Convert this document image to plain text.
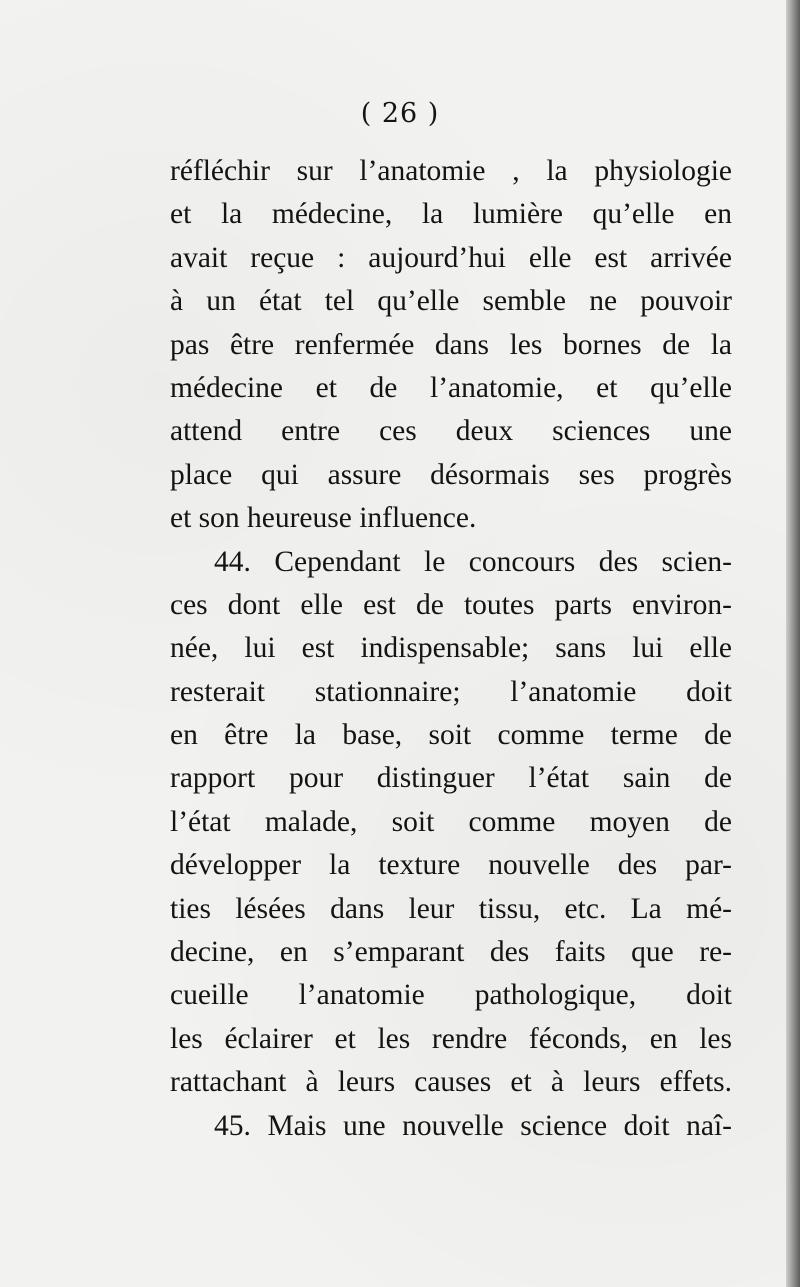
( 26 )
réfléchir sur l’anatomie , la physiologie
et la médecine, la lumière qu’elle en
avait reçue : aujourd’hui elle est arrivée
à un état tel qu’elle semble ne pouvoir
pas être renfermée dans les bornes de la
médecine et de l’anatomie, et qu’elle
attend entre ces deux sciences une
place qui assure désormais ses progrès
et son heureuse influence.
44. Cependant le concours des scien-
ces dont elle est de toutes parts environ-
née, lui est indispensable; sans lui elle
resterait stationnaire; l’anatomie doit
en être la base, soit comme terme de
rapport pour distinguer l’état sain de
l’état malade, soit comme moyen de
développer la texture nouvelle des par-
ties lésées dans leur tissu, etc. La mé-
decine, en s’emparant des faits que re-
cueille l’anatomie pathologique, doit
les éclairer et les rendre féconds, en les
rattachant à leurs causes et à leurs effets.
45. Mais une nouvelle science doit naî-
